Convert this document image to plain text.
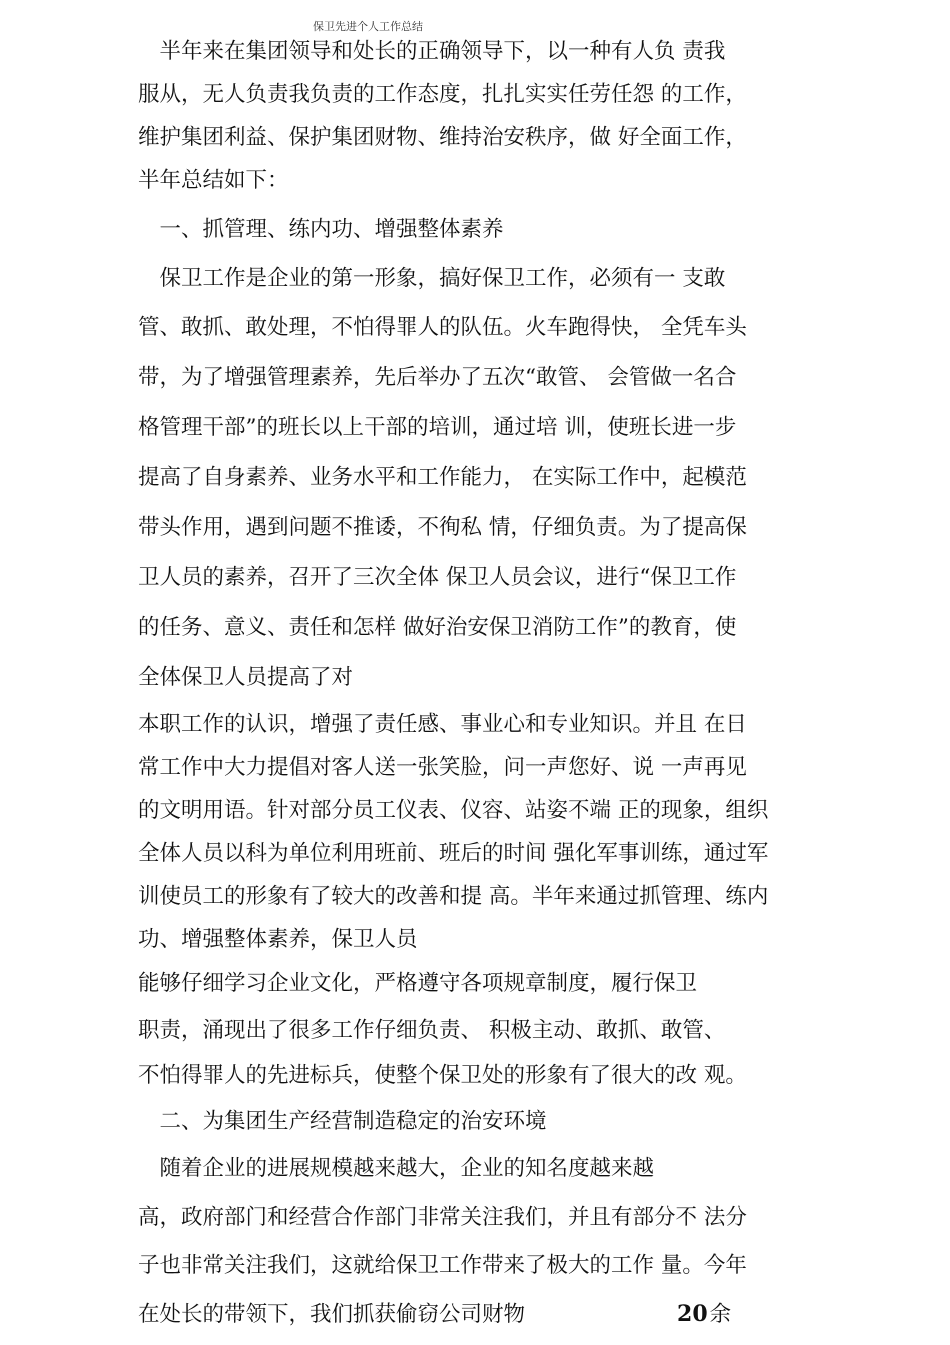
保卫先进个人工作总结
　半年来在集团领导和处长的正确领导下，以一种有人负 责我
服从，无人负责我负责的工作态度，扎扎实实任劳任怨 的工作，
维护集团利益、保护集团财物、维持治安秩序，做 好全面工作，
半年总结如下：
　一、抓管理、练内功、增强整体素养
　保卫工作是企业的第一形象，搞好保卫工作，必须有一 支敢
管、敢抓、敢处理，不怕得罪人的队伍。火车跑得快， 全凭车头
带，为了增强管理素养，先后举办了五次“敢管、 会管做一名合
格管理干部”的班长以上干部的培训，通过培 训，使班长进一步
提高了自身素养、业务水平和工作能力， 在实际工作中，起模范
带头作用，遇到问题不推诿，不徇私 情，仔细负责。为了提高保
卫人员的素养，召开了三次全体 保卫人员会议，进行“保卫工作
的任务、意义、责任和怎样 做好治安保卫消防工作”的教育，使
全体保卫人员提高了对
本职工作的认识，增强了责任感、事业心和专业知识。并且 在日
常工作中大力提倡对客人送一张笑脸，问一声您好、说 一声再见
的文明用语。针对部分员工仪表、仪容、站姿不端 正的现象，组织
全体人员以科为单位利用班前、班后的时间 强化军事训练，通过军
训使员工的形象有了较大的改善和提 高。半年来通过抓管理、练内
功、增强整体素养，保卫人员
能够仔细学习企业文化，严格遵守各项规章制度，履行保卫
职责，涌现出了很多工作仔细负责、 积极主动、敢抓、敢管、
不怕得罪人的先进标兵，使整个保卫处的形象有了很大的改 观。
　二、为集团生产经营制造稳定的治安环境
　随着企业的进展规模越来越大，企业的知名度越来越
高，政府部门和经营合作部门非常关注我们，并且有部分不 法分
子也非常关注我们，这就给保卫工作带来了极大的工作 量。今年
在处长的带领下，我们抓获偷窃公司财物	20余
